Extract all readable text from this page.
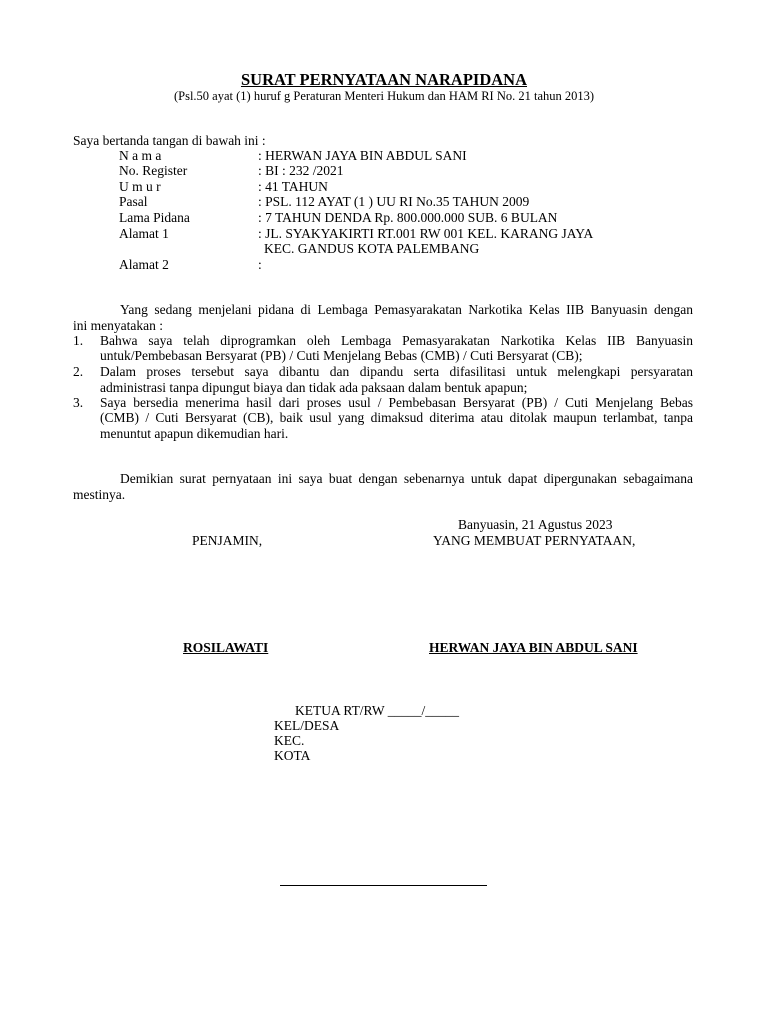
SURAT PERNYATAAN NARAPIDANA
(Psl.50 ayat (1) huruf g Peraturan Menteri Hukum dan HAM RI No. 21 tahun 2013)
Saya bertanda tangan di bawah ini :
N a m a	: HERWAN JAYA BIN ABDUL SANI
No. Register	: BI : 232 /2021
U m u r	: 41 TAHUN
Pasal	: PSL. 112 AYAT (1 ) UU RI No.35 TAHUN 2009
Lama Pidana	: 7 TAHUN DENDA Rp. 800.000.000 SUB. 6 BULAN
Alamat 1	: JL. SYAKYAKIRTI RT.001 RW 001 KEL. KARANG JAYA
KEC. GANDUS KOTA PALEMBANG
Alamat 2	:
Yang sedang menjelani pidana di Lembaga Pemasyarakatan Narkotika Kelas IIB Banyuasin dengan
ini menyatakan :
1. Bahwa saya telah diprogramkan oleh Lembaga Pemasyarakatan Narkotika Kelas IIB Banyuasin
untuk/Pembebasan Bersyarat (PB) / Cuti Menjelang Bebas (CMB) / Cuti Bersyarat (CB);
2. Dalam proses tersebut saya dibantu dan dipandu serta difasilitasi untuk melengkapi persyaratan
administrasi tanpa dipungut biaya dan tidak ada paksaan dalam bentuk apapun;
3. Saya bersedia menerima hasil dari proses usul / Pembebasan Bersyarat (PB) / Cuti Menjelang Bebas
(CMB) / Cuti Bersyarat (CB), baik usul yang dimaksud diterima atau ditolak maupun terlambat, tanpa
menuntut apapun dikemudian hari.
Demikian surat pernyataan ini saya buat dengan sebenarnya untuk dapat dipergunakan sebagaimana
mestinya.
Banyuasin, 21 Agustus 2023
PENJAMIN,	YANG MEMBUAT PERNYATAAN,
ROSILAWATI	HERWAN JAYA BIN ABDUL SANI
KETUA RT/RW _____/_____
KEL/DESA
KEC.
KOTA
